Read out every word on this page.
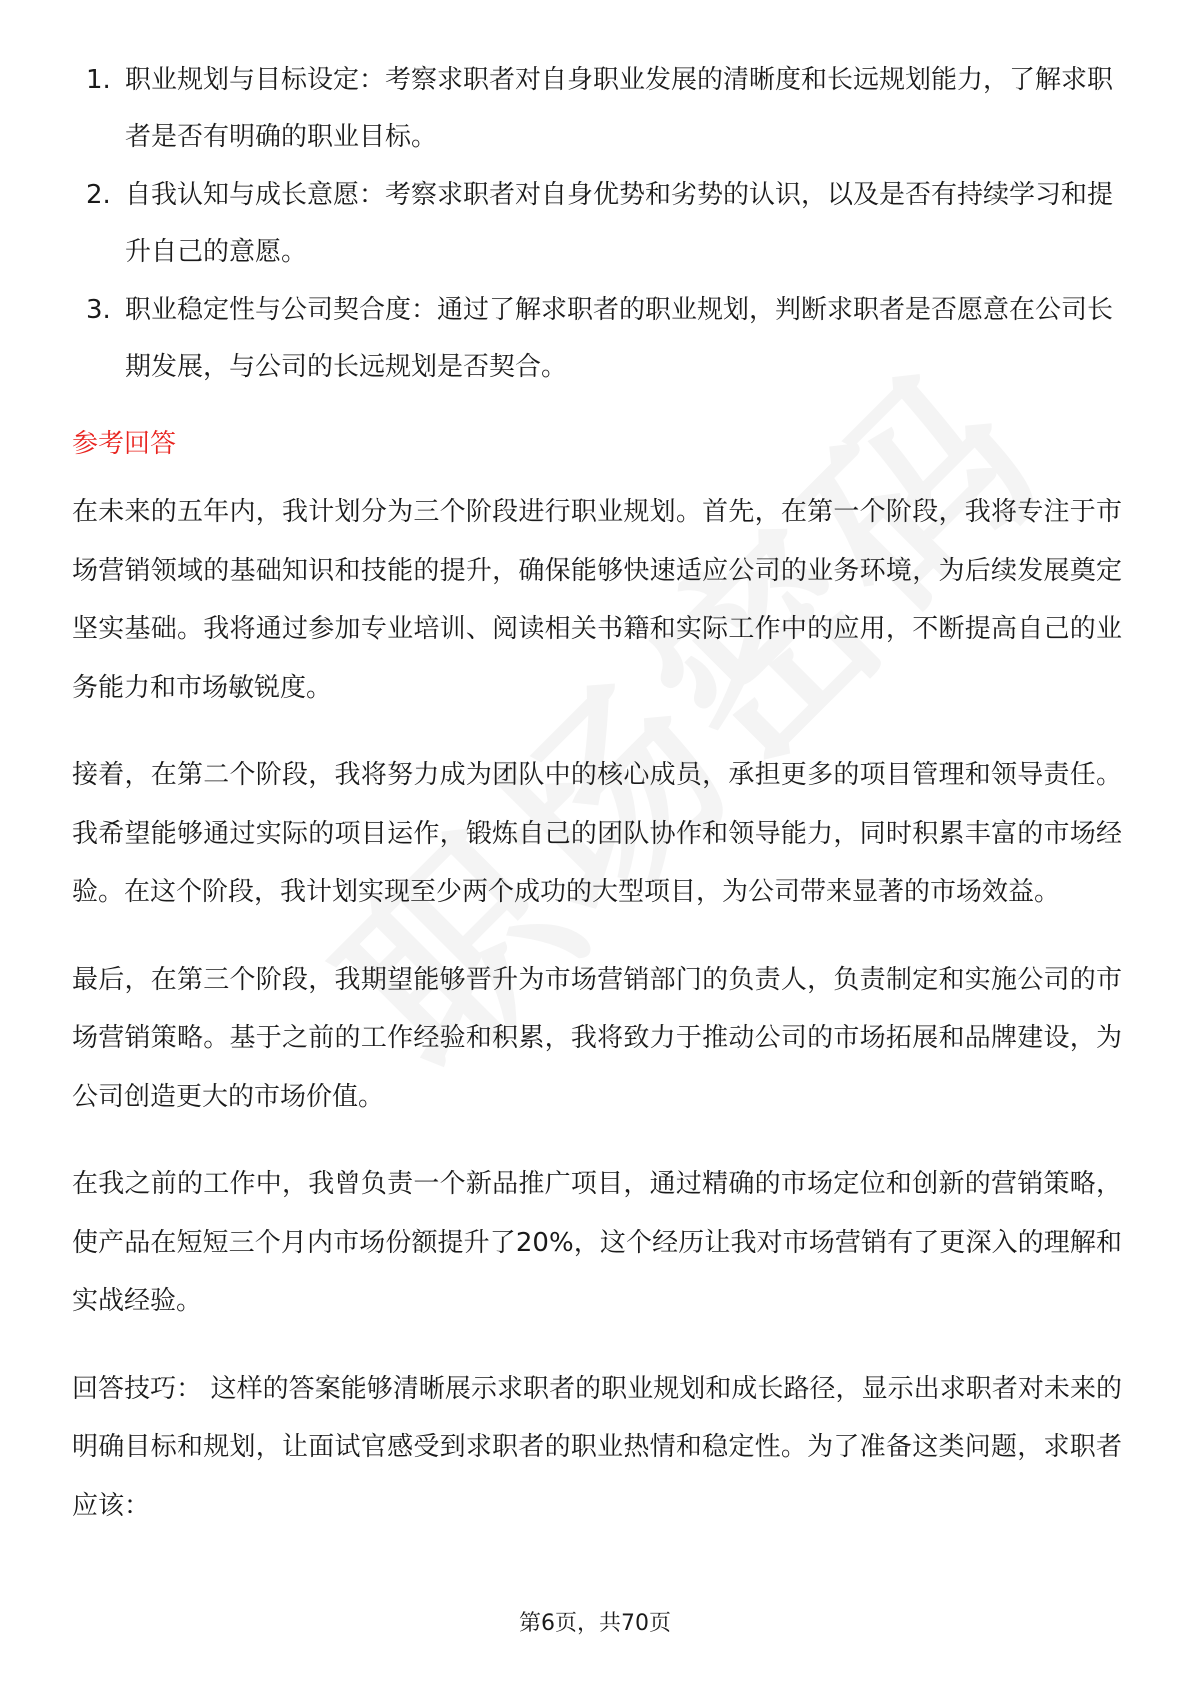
1. 职业规划与目标设定：考察求职者对自身职业发展的清晰度和长远规划能力，了解求职者是否有明确的职业目标。
2. 自我认知与成长意愿：考察求职者对自身优势和劣势的认识，以及是否有持续学习和提升自己的意愿。
3. 职业稳定性与公司契合度：通过了解求职者的职业规划，判断求职者是否愿意在公司长期发展，与公司的长远规划是否契合。
参考回答

在未来的五年内，我计划分为三个阶段进行职业规划。首先，在第一个阶段，我将专注于市场营销领域的基础知识和技能的提升，确保能够快速适应公司的业务环境，为后续发展奠定坚实基础。我将通过参加专业培训、阅读相关书籍和实际工作中的应用，不断提高自己的业务能力和市场敏锐度。

接着，在第二个阶段，我将努力成为团队中的核心成员，承担更多的项目管理和领导责任。我希望能够通过实际的项目运作，锻炼自己的团队协作和领导能力，同时积累丰富的市场经验。在这个阶段，我计划实现至少两个成功的大型项目，为公司带来显著的市场效益。

最后，在第三个阶段，我期望能够晋升为市场营销部门的负责人，负责制定和实施公司的市场营销策略。基于之前的工作经验和积累，我将致力于推动公司的市场拓展和品牌建设，为公司创造更大的市场价值。

在我之前的工作中，我曾负责一个新品推广项目，通过精确的市场定位和创新的营销策略，使产品在短短三个月内市场份额提升了20%，这个经历让我对市场营销有了更深入的理解和实战经验。

回答技巧： 这样的答案能够清晰展示求职者的职业规划和成长路径，显示出求职者对未来的明确目标和规划，让面试官感受到求职者的职业热情和稳定性。为了准备这类问题，求职者应该：

第6页，共70页
